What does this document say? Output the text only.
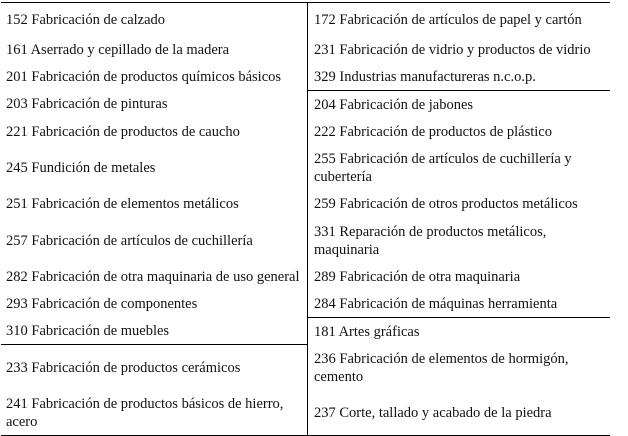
152 Fabricación de calzado
161 Aserrado y cepillado de la madera
201 Fabricación de productos químicos básicos
203 Fabricación de pinturas
221 Fabricación de productos de caucho
245 Fundición de metales
251 Fabricación de elementos metálicos
257 Fabricación de artículos de cuchillería
282 Fabricación de otra maquinaria de uso general
293 Fabricación de componentes
310 Fabricación de muebles
233 Fabricación de productos cerámicos
241 Fabricación de productos básicos de hierro, acero
172 Fabricación de artículos de papel y cartón
231 Fabricación de vidrio y productos de vidrio
329 Industrias manufactureras n.c.o.p.
204 Fabricación de jabones
222 Fabricación de productos de plástico
255 Fabricación de artículos de cuchillería y cubertería
259 Fabricación de otros productos metálicos
331 Reparación de productos metálicos, maquinaria
289 Fabricación de otra maquinaria
284 Fabricación de máquinas herramienta
181 Artes gráficas
236 Fabricación de elementos de hormigón, cemento
237 Corte, tallado y acabado de la piedra
